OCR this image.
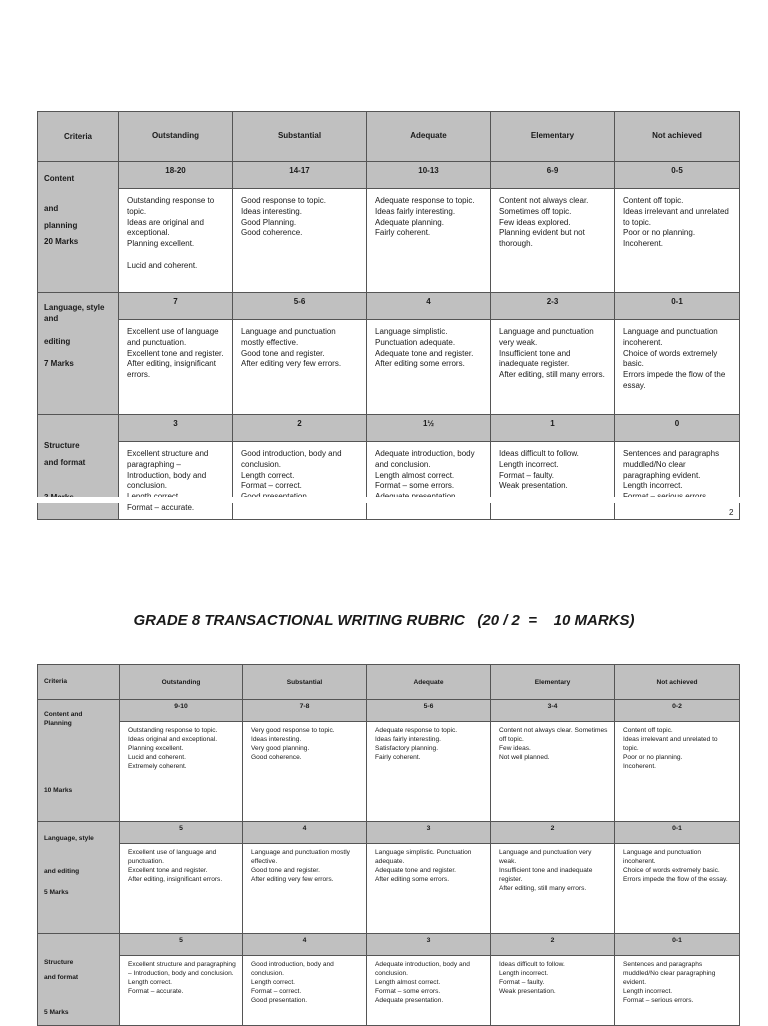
Criteria	Outstanding	Substantial	Adequate	Elementary	Not achieved

Content
and
planning
20 Marks	18-20	14-17	10-13	6-9	0-5

	Outstanding response to topic.
Ideas are original and exceptional.
Planning excellent.

Lucid and coherent.	Good response to topic.
Ideas interesting.
Good Planning.
Good coherence.	Adequate response to topic.
Ideas fairly interesting.
Adequate planning.
Fairly coherent.	Content not always clear. Sometimes off topic.
Few ideas explored.
Planning evident but not thorough.	Content off topic.
Ideas irrelevant and unrelated to topic.
Poor or no planning.
Incoherent.

Language, style and
editing
7 Marks	7	5-6	4	2-3	0-1

	Excellent use of language and punctuation.
Excellent tone and register.
After editing, insignificant errors.	Language and punctuation mostly effective.
Good tone and register.
After editing very few errors.	Language simplistic. Punctuation adequate.
Adequate tone and register.
After editing some errors.	Language and punctuation very weak.
Insufficient tone and inadequate register.
After editing, still many errors.	Language and punctuation incoherent.
Choice of words extremely basic.
Errors impede the flow of the essay.

Structure
and format	3	2	1½	1	0

	Excellent structure and paragraphing – Introduction, body and conclusion.

Format – accurate.	Good introduction, body and conclusion.
Length correct.
Format – correct.	Adequate introduction, body and conclusion.
Length almost correct.
Format – some errors.	Ideas difficult to follow.
Length incorrect.
Format – faulty.
Weak presentation.	Sentences and paragraphs muddled/No clear paragraphing evident.
Length incorrect.

2
GRADE 8 TRANSACTIONAL WRITING RUBRIC   (20 / 2  =    10 MARKS)
Criteria	Outstanding	Substantial	Adequate	Elementary	Not achieved

Content and Planning
10 Marks	9-10	7-8	5-6	3-4	0-2

	Outstanding response to topic.
Ideas original and exceptional.
Planning excellent.
Lucid and coherent.
Extremely coherent.	Very good response to topic.
Ideas interesting.
Very good planning.
Good coherence.	Adequate response to topic.
Ideas fairly interesting.
Satisfactory planning.
Fairly coherent.	Content not always clear. Sometimes off topic.
Few ideas.
Not well planned.	Content off topic.
Ideas irrelevant and unrelated to topic.
Poor or no planning.
Incoherent.

Language, style
and editing
5 Marks	5	4	3	2	0-1

	Excellent use of language and punctuation.
Excellent tone and register.
After editing, insignificant errors.	Language and punctuation mostly effective.
Good tone and register.
After editing very few errors.	Language simplistic. Punctuation adequate.
Adequate tone and register.
After editing some errors.	Language and punctuation very weak.
Insufficient tone and inadequate register.
After editing, still many errors.	Language and punctuation incoherent.
Choice of words extremely basic.
Errors impede the flow of the essay.

Structure
and format
5 Marks	5	4	3	2	0-1

	Excellent structure and paragraphing – Introduction, body and conclusion.
Length correct.
Format – accurate.	Good introduction, body and conclusion.
Length correct.
Format – correct.
Good presentation.	Adequate introduction, body and conclusion.
Length almost correct.
Format – some errors.
Adequate presentation.	Ideas difficult to follow.
Length incorrect.
Format – faulty.
Weak presentation.	Sentences and paragraphs muddled/No clear paragraphing evident.
Length incorrect.
Format – serious errors.
